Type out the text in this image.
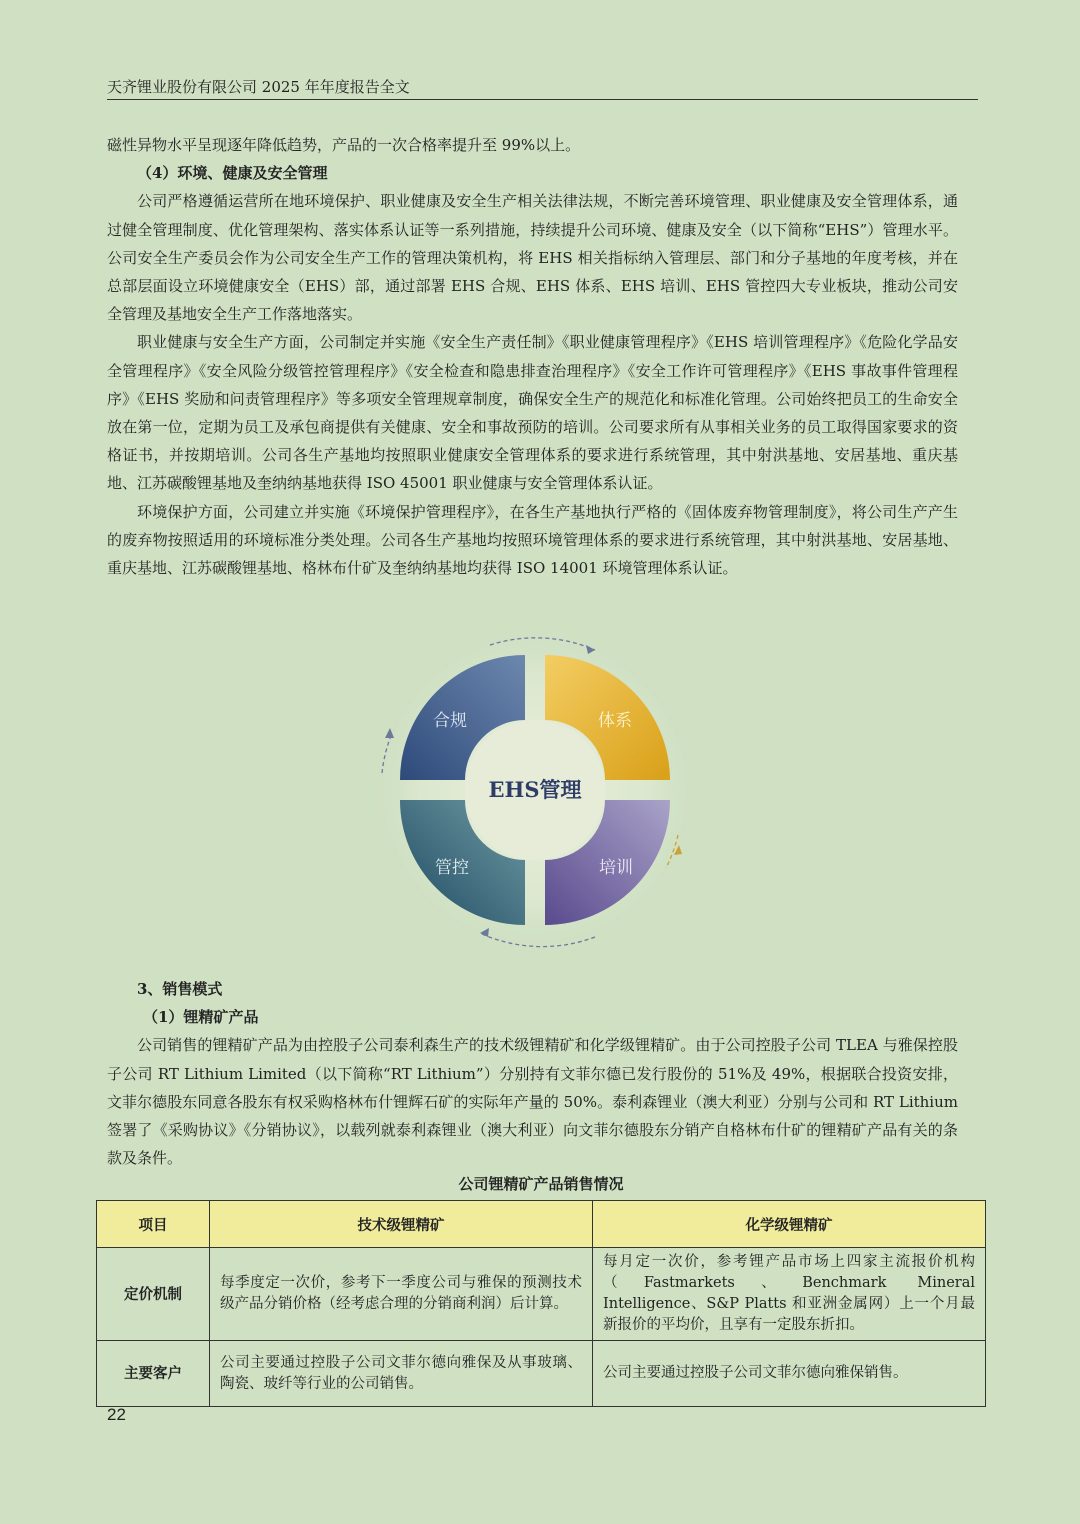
天齐锂业股份有限公司 2025 年年度报告全文

磁性异物水平呈现逐年降低趋势，产品的一次合格率提升至 99%以上。

（4）环境、健康及安全管理

公司严格遵循运营所在地环境保护、职业健康及安全生产相关法律法规，不断完善环境管理、职业健康及安全管理体系，通过健全管理制度、优化管理架构、落实体系认证等一系列措施，持续提升公司环境、健康及安全（以下简称“EHS”）管理水平。公司安全生产委员会作为公司安全生产工作的管理决策机构，将 EHS 相关指标纳入管理层、部门和分子基地的年度考核，并在总部层面设立环境健康安全（EHS）部，通过部署 EHS 合规、EHS 体系、EHS 培训、EHS 管控四大专业板块，推动公司安全管理及基地安全生产工作落地落实。

职业健康与安全生产方面，公司制定并实施《安全生产责任制》《职业健康管理程序》《EHS 培训管理程序》《危险化学品安全管理程序》《安全风险分级管控管理程序》《安全检查和隐患排查治理程序》《安全工作许可管理程序》《EHS 事故事件管理程序》《EHS 奖励和问责管理程序》等多项安全管理规章制度，确保安全生产的规范化和标准化管理。公司始终把员工的生命安全放在第一位，定期为员工及承包商提供有关健康、安全和事故预防的培训。公司要求所有从事相关业务的员工取得国家要求的资格证书，并按期培训。公司各生产基地均按照职业健康安全管理体系的要求进行系统管理，其中射洪基地、安居基地、重庆基地、江苏碳酸锂基地及奎纳纳基地获得 ISO 45001 职业健康与安全管理体系认证。

环境保护方面，公司建立并实施《环境保护管理程序》，在各生产基地执行严格的《固体废弃物管理制度》，将公司生产产生的废弃物按照适用的环境标准分类处理。公司各生产基地均按照环境管理体系的要求进行系统管理，其中射洪基地、安居基地、重庆基地、江苏碳酸锂基地、格林布什矿及奎纳纳基地均获得 ISO 14001 环境管理体系认证。

EHS管理
合规	体系
管控	培训

3、销售模式

（1）锂精矿产品

公司销售的锂精矿产品为由控股子公司泰利森生产的技术级锂精矿和化学级锂精矿。由于公司控股子公司 TLEA 与雅保控股子公司 RT Lithium Limited（以下简称“RT Lithium”）分别持有文菲尔德已发行股份的 51%及 49%，根据联合投资安排，文菲尔德股东同意各股东有权采购格林布什锂辉石矿的实际年产量的 50%。泰利森锂业（澳大利亚）分别与公司和 RT Lithium 签署了《采购协议》《分销协议》，以载列就泰利森锂业（澳大利亚）向文菲尔德股东分销产自格林布什矿的锂精矿产品有关的条款及条件。

公司锂精矿产品销售情况
项目	技术级锂精矿	化学级锂精矿
定价机制	每季度定一次价，参考下一季度公司与雅保的预测技术级产品分销价格（经考虑合理的分销商利润）后计算。	每月定一次价，参考锂产品市场上四家主流报价机构（Fastmarkets、Benchmark Mineral Intelligence、S&P Platts 和亚洲金属网）上一个月最新报价的平均价，且享有一定股东折扣。
主要客户	公司主要通过控股子公司文菲尔德向雅保及从事玻璃、陶瓷、玻纤等行业的公司销售。	公司主要通过控股子公司文菲尔德向雅保销售。
22
